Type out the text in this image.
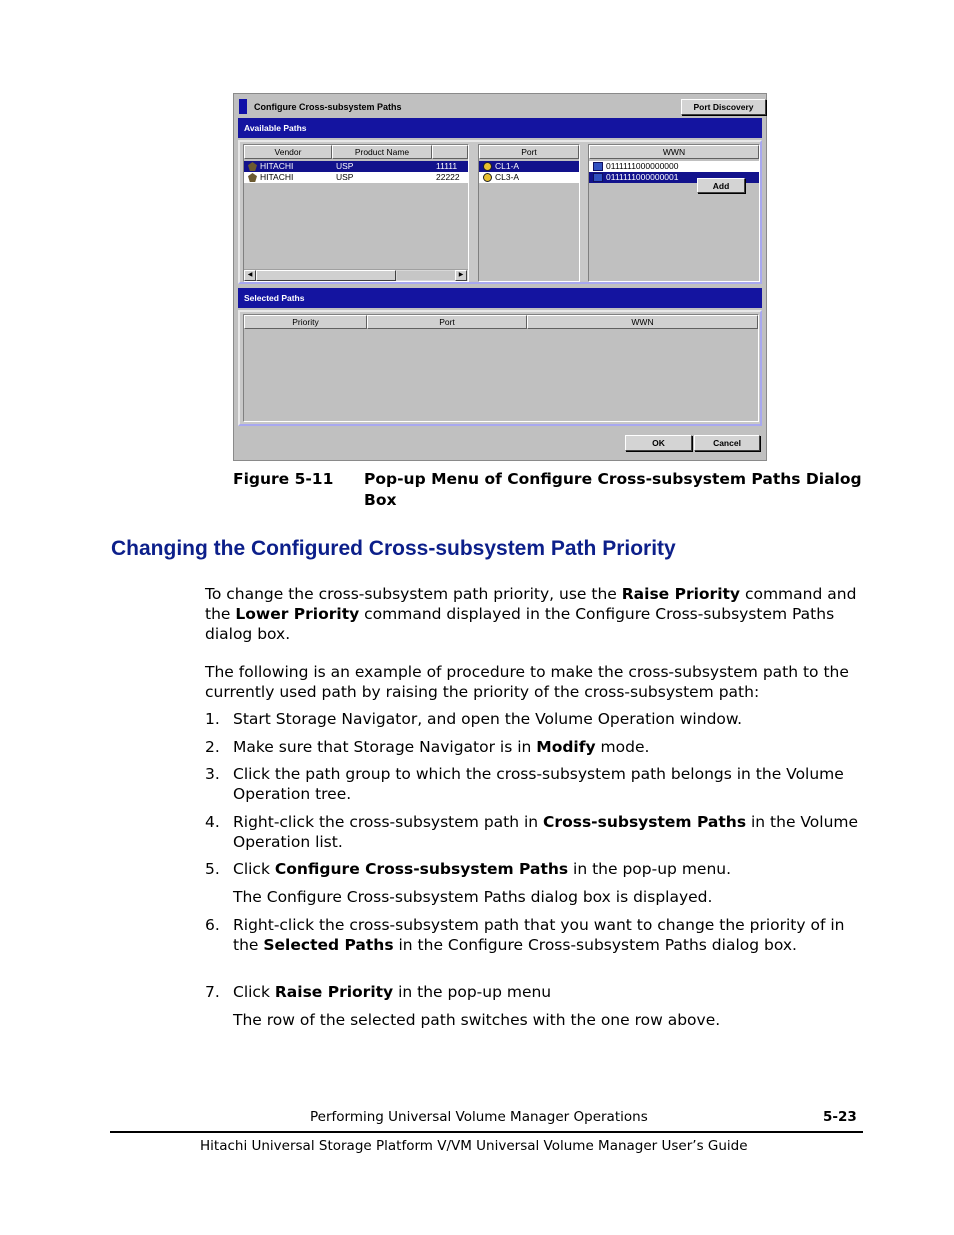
Configure Cross-subsystem Paths	Port Discovery
Available Paths
Vendor	Product Name
HITACHI	USP	11111
HITACHI	USP	22222
◀	▶
Port
CL1-A
CL3-A
WWN
0111111000000000
0111111000000001
Add
Selected Paths
Priority	Port	WWN
OK	Cancel
Figure 5-11 Pop-up Menu of Configure Cross-subsystem Paths Dialog Box
Changing the Configured Cross-subsystem Path Priority
To change the cross-subsystem path priority, use the Raise Priority command and the Lower Priority command displayed in the Configure Cross-subsystem Paths dialog box.
The following is an example of procedure to make the cross-subsystem path to the currently used path by raising the priority of the cross-subsystem path:
1. Start Storage Navigator, and open the Volume Operation window.
2. Make sure that Storage Navigator is in Modify mode.
3. Click the path group to which the cross-subsystem path belongs in the Volume Operation tree.
4. Right-click the cross-subsystem path in Cross-subsystem Paths in the Volume Operation list.
5. Click Configure Cross-subsystem Paths in the pop-up menu.
6. Right-click the cross-subsystem path that you want to change the priority of in the Selected Paths in the Configure Cross-subsystem Paths dialog box.
7. Click Raise Priority in the pop-up menu
The Configure Cross-subsystem Paths dialog box is displayed.
The row of the selected path switches with the one row above.
Performing Universal Volume Manager Operations	5-23
Hitachi Universal Storage Platform V/VM Universal Volume Manager User’s Guide
